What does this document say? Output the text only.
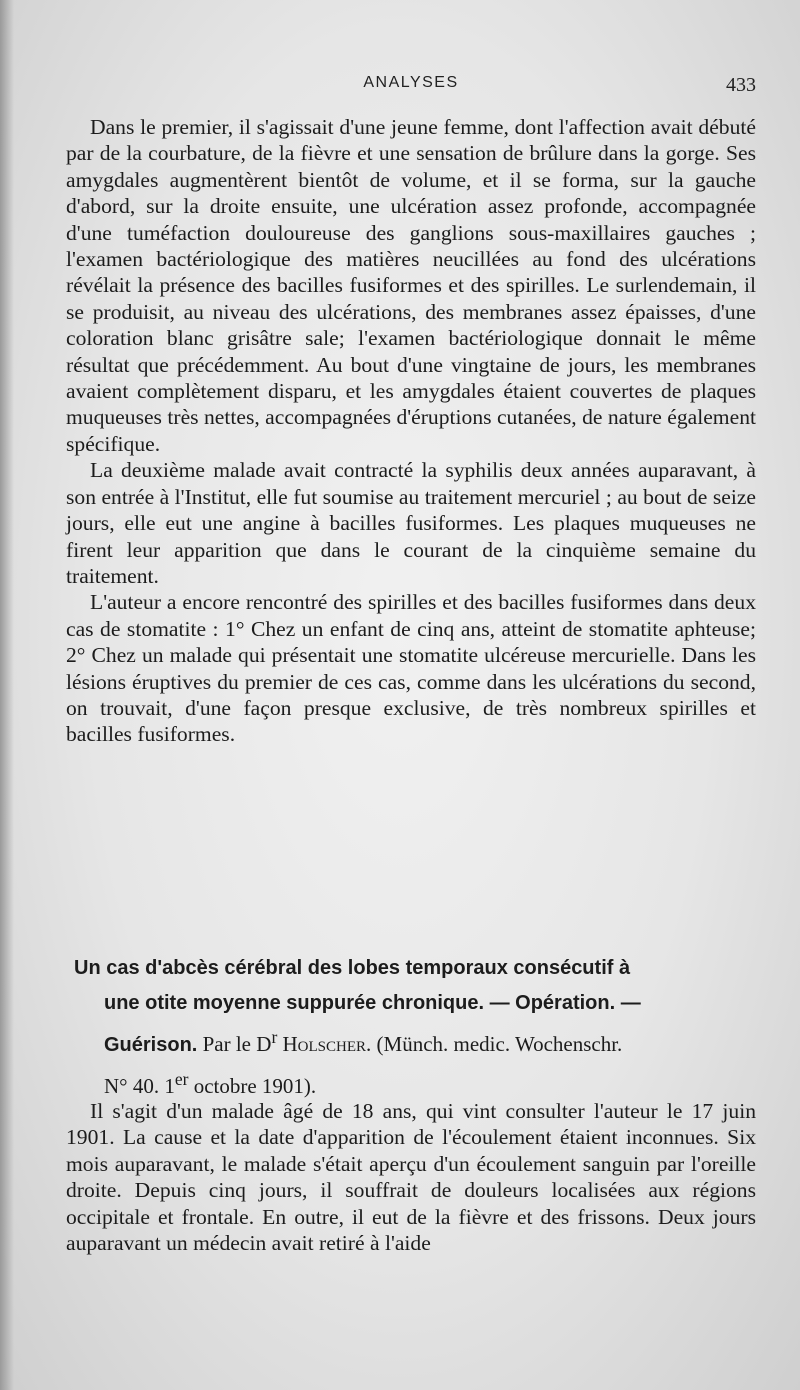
ANALYSES	433

Dans le premier, il s'agissait d'une jeune femme, dont l'affection avait débuté par de la courbature, de la fièvre et une sensation de brûlure dans la gorge. Ses amygdales augmentèrent bientôt de volume, et il se forma, sur la gauche d'abord, sur la droite ensuite, une ulcération assez profonde, accompagnée d'une tuméfaction douloureuse des ganglions sous-maxillaires gauches ; l'examen bactériologique des matières neucillées au fond des ulcérations révélait la présence des bacilles fusiformes et des spirilles. Le surlendemain, il se produisit, au niveau des ulcérations, des membranes assez épaisses, d'une coloration blanc grisâtre sale; l'examen bactériologique donnait le même résultat que précédemment. Au bout d'une vingtaine de jours, les membranes avaient complètement disparu, et les amygdales étaient couvertes de plaques muqueuses très nettes, accompagnées d'éruptions cutanées, de nature également spécifique.

La deuxième malade avait contracté la syphilis deux années auparavant, à son entrée à l'Institut, elle fut soumise au traitement mercuriel ; au bout de seize jours, elle eut une angine à bacilles fusiformes. Les plaques muqueuses ne firent leur apparition que dans le courant de la cinquième semaine du traitement.

L'auteur a encore rencontré des spirilles et des bacilles fusiformes dans deux cas de stomatite : 1° Chez un enfant de cinq ans, atteint de stomatite aphteuse; 2° Chez un malade qui présentait une stomatite ulcéreuse mercurielle. Dans les lésions éruptives du premier de ces cas, comme dans les ulcérations du second, on trouvait, d'une façon presque exclusive, de très nombreux spirilles et bacilles fusiformes.

Un cas d'abcès cérébral des lobes temporaux consécutif à
une otite moyenne suppurée chronique. — Opération. —
Guérison. Par le $D^r$ Holscher. (Münch. medic. Wochenschr.
N° 40. 1er octobre 1901).

Il s'agit d'un malade âgé de 18 ans, qui vint consulter l'auteur le 17 juin 1901. La cause et la date d'apparition de l'écoulement étaient inconnues. Six mois auparavant, le malade s'était aperçu d'un écoulement sanguin par l'oreille droite. Depuis cinq jours, il souffrait de douleurs localisées aux régions occipitale et frontale. En outre, il eut de la fièvre et des frissons. Deux jours auparavant un médecin avait retiré à l'aide
